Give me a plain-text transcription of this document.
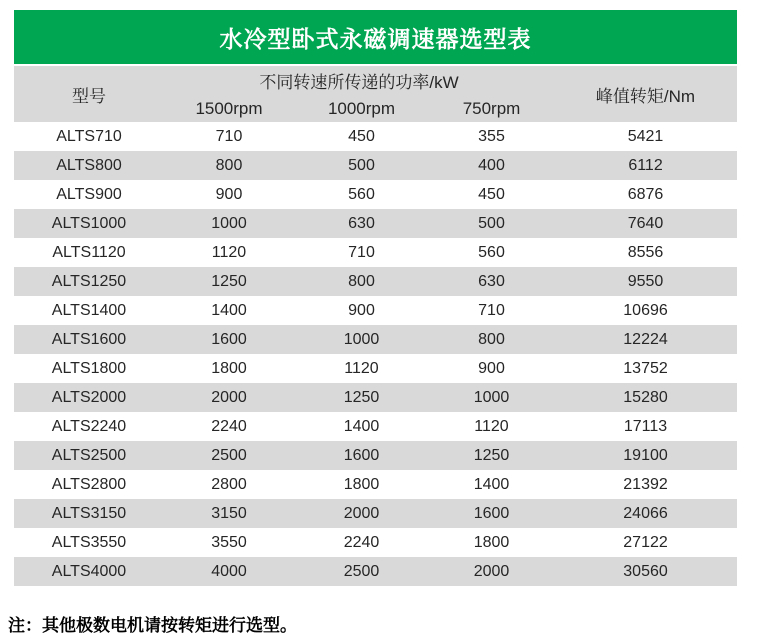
水冷型卧式永磁调速器选型表
型号	不同转速所传递的功率/kW			峰值转矩/Nm
	1500rpm	1000rpm	750rpm	
ALTS710	710	450	355	5421
ALTS800	800	500	400	6112
ALTS900	900	560	450	6876
ALTS1000	1000	630	500	7640
ALTS1120	1120	710	560	8556
ALTS1250	1250	800	630	9550
ALTS1400	1400	900	710	10696
ALTS1600	1600	1000	800	12224
ALTS1800	1800	1120	900	13752
ALTS2000	2000	1250	1000	15280
ALTS2240	2240	1400	1120	17113
ALTS2500	2500	1600	1250	19100
ALTS2800	2800	1800	1400	21392
ALTS3150	3150	2000	1600	24066
ALTS3550	3550	2240	1800	27122
ALTS4000	4000	2500	2000	30560
注：其他极数电机请按转矩进行选型。
